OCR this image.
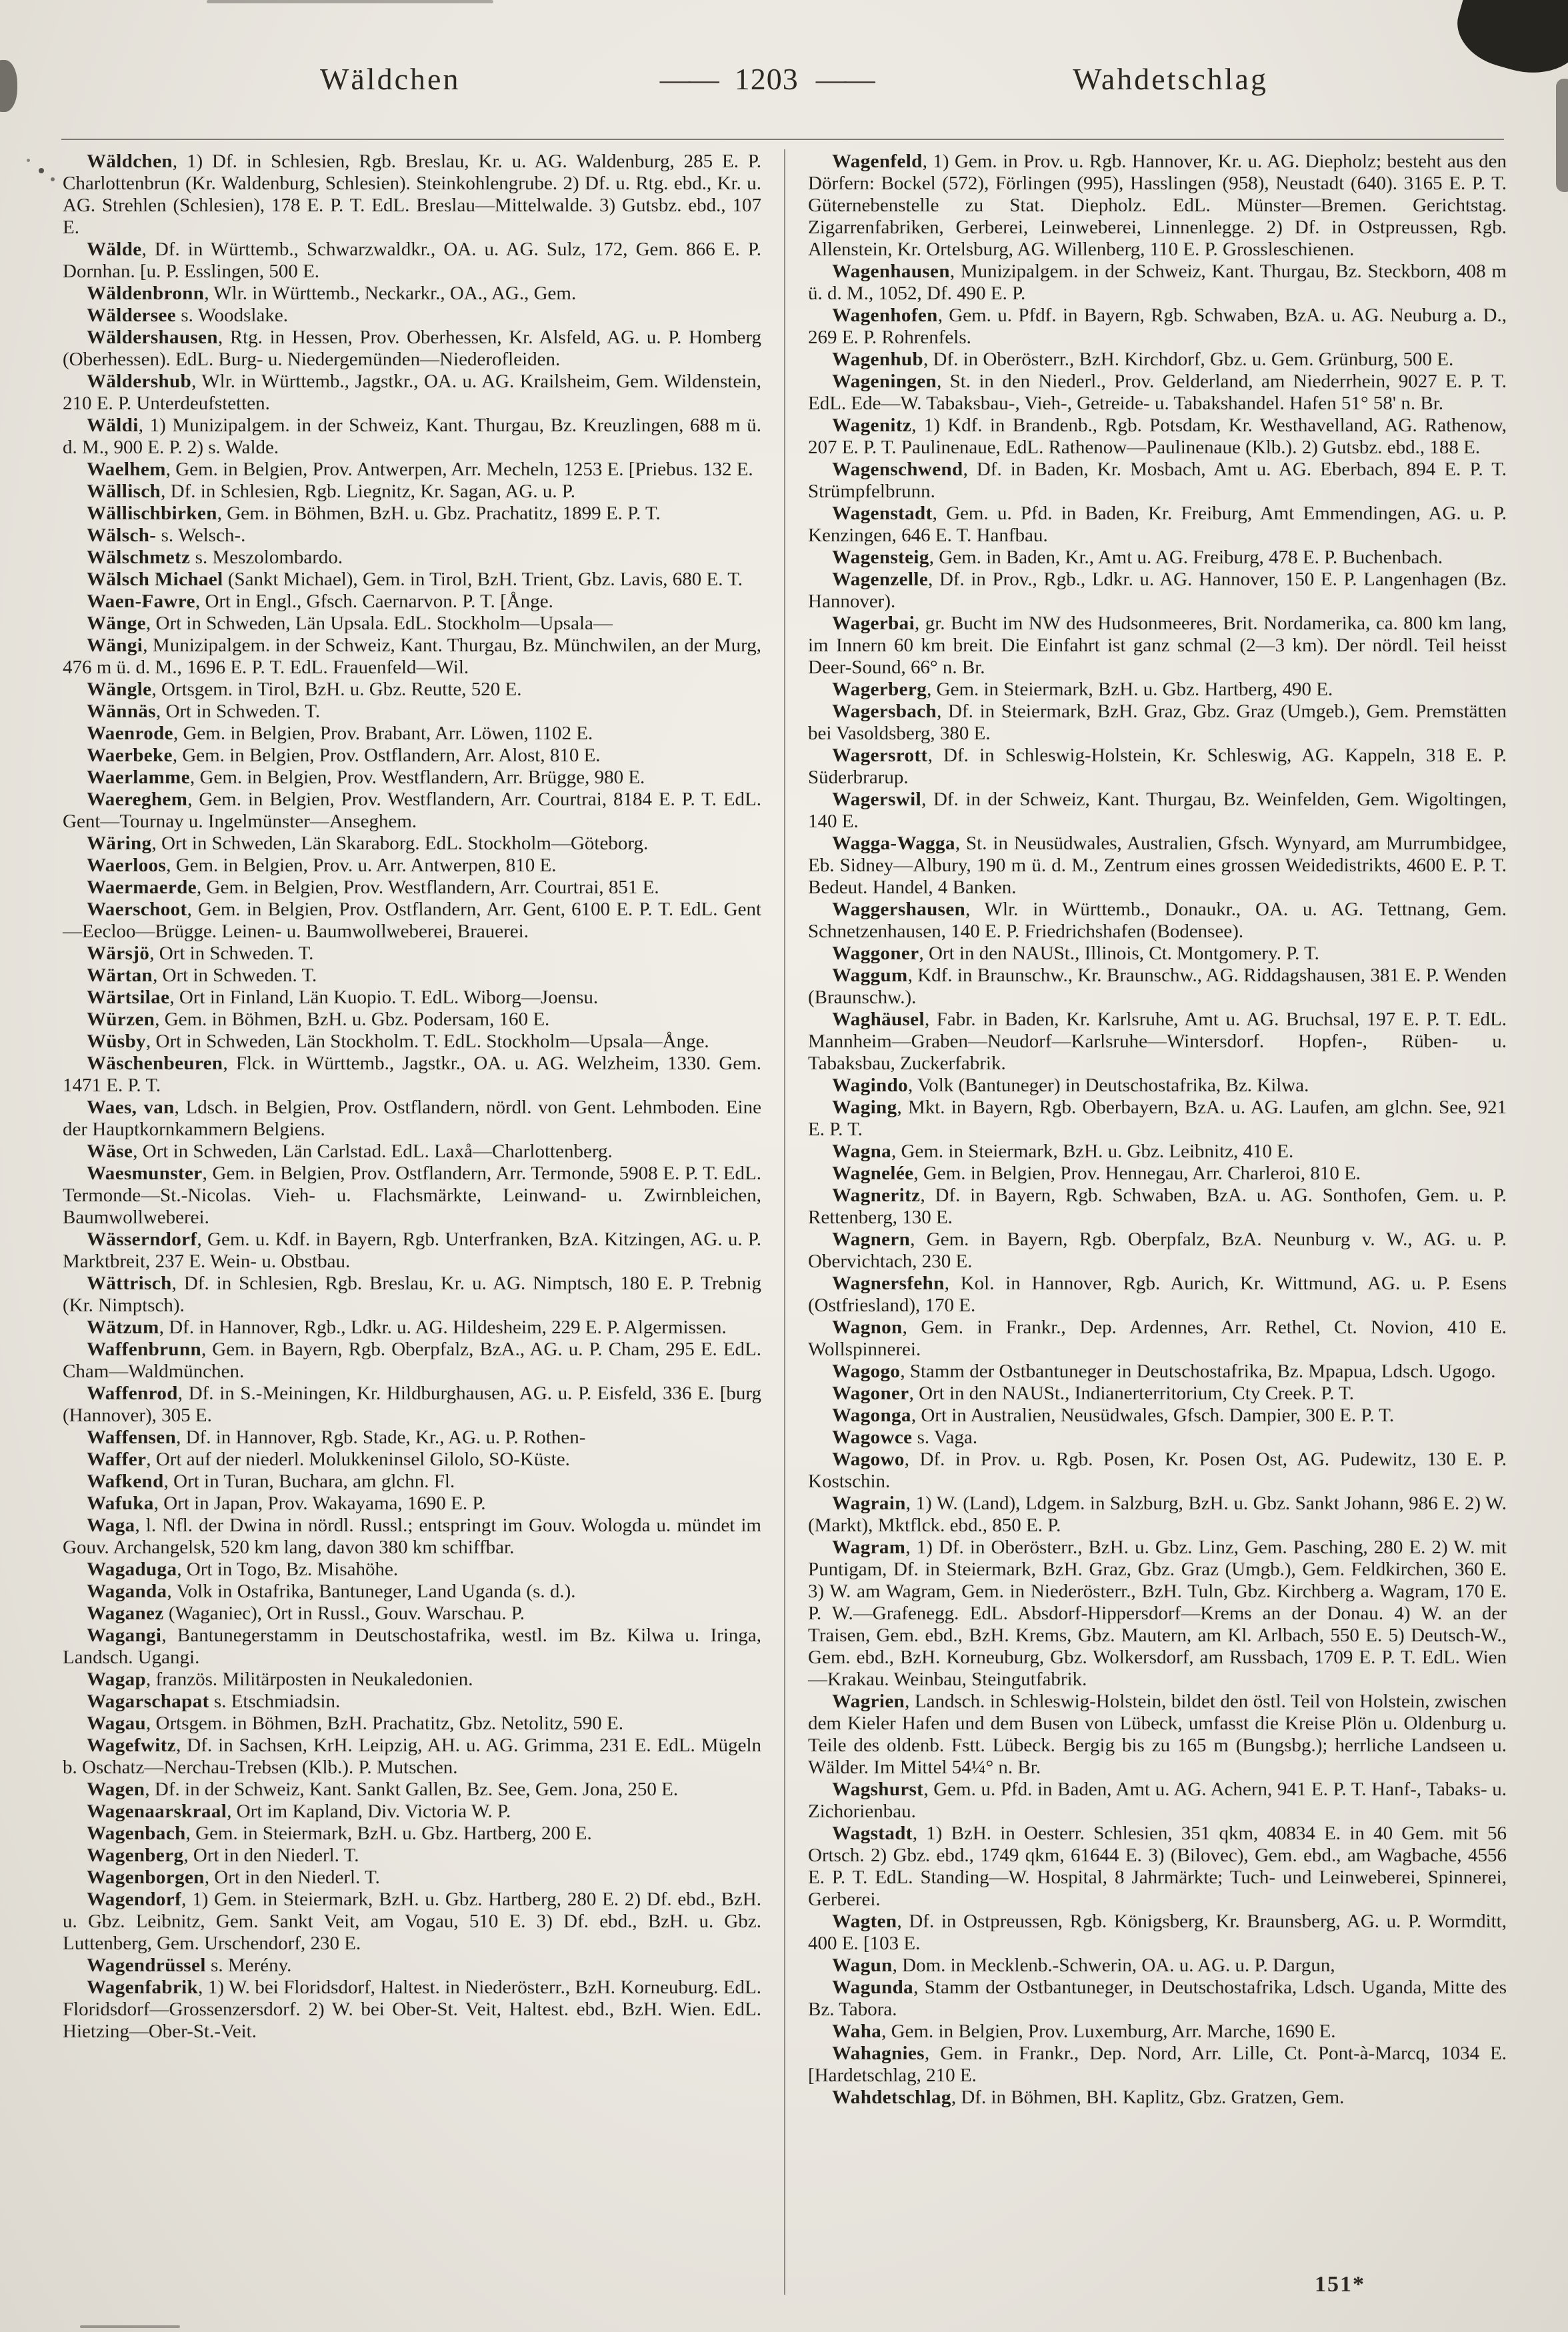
Wäldchen	—— 1203 ——	Wahdetschlag

Wäldchen, 1) Df. in Schlesien, Rgb. Breslau, Kr. u. AG. Waldenburg, 285 E. P. Charlottenbrun (Kr. Waldenburg, Schlesien). Steinkohlengrube. 2) Df. u. Rtg. ebd., Kr. u. AG. Strehlen (Schlesien), 178 E. P. T. EdL. Breslau—Mittelwalde. 3) Gutsbz. ebd., 107 E.

Wälde, Df. in Württemb., Schwarzwaldkr., OA. u. AG. Sulz, 172, Gem. 866 E. P. Dornhan. [u. P. Esslingen, 500 E.

Wäldenbronn, Wlr. in Württemb., Neckarkr., OA., AG., Gem.

Wäldersee s. Woodslake.

Wäldershausen, Rtg. in Hessen, Prov. Oberhessen, Kr. Alsfeld, AG. u. P. Homberg (Oberhessen). EdL. Burg- u. Niedergemünden—Niederofleiden.

Wäldershub, Wlr. in Württemb., Jagstkr., OA. u. AG. Krailsheim, Gem. Wildenstein, 210 E. P. Unterdeufstetten.

Wäldi, 1) Munizipalgem. in der Schweiz, Kant. Thurgau, Bz. Kreuzlingen, 688 m ü. d. M., 900 E. P. 2) s. Walde.

Waelhem, Gem. in Belgien, Prov. Antwerpen, Arr. Mecheln, 1253 E. [Priebus. 132 E.

Wällisch, Df. in Schlesien, Rgb. Liegnitz, Kr. Sagan, AG. u. P.

Wällischbirken, Gem. in Böhmen, BzH. u. Gbz. Prachatitz, 1899 E. P. T.

Wälsch- s. Welsch-.

Wälschmetz s. Meszolombardo.

Wälsch Michael (Sankt Michael), Gem. in Tirol, BzH. Trient, Gbz. Lavis, 680 E. T.

Waen-Fawre, Ort in Engl., Gfsch. Caernarvon. P. T. [Ånge.

Wänge, Ort in Schweden, Län Upsala. EdL. Stockholm—Upsala—

Wängi, Munizipalgem. in der Schweiz, Kant. Thurgau, Bz. Münchwilen, an der Murg, 476 m ü. d. M., 1696 E. P. T. EdL. Frauenfeld—Wil.

Wängle, Ortsgem. in Tirol, BzH. u. Gbz. Reutte, 520 E.

Wännäs, Ort in Schweden. T.

Waenrode, Gem. in Belgien, Prov. Brabant, Arr. Löwen, 1102 E.

Waerbeke, Gem. in Belgien, Prov. Ostflandern, Arr. Alost, 810 E.

Waerlamme, Gem. in Belgien, Prov. Westflandern, Arr. Brügge, 980 E.

Waereghem, Gem. in Belgien, Prov. Westflandern, Arr. Courtrai, 8184 E. P. T. EdL. Gent—Tournay u. Ingelmünster—Anseghem.

Wäring, Ort in Schweden, Län Skaraborg. EdL. Stockholm—Göteborg.

Waerloos, Gem. in Belgien, Prov. u. Arr. Antwerpen, 810 E.

Waermaerde, Gem. in Belgien, Prov. Westflandern, Arr. Courtrai, 851 E.

Waerschoot, Gem. in Belgien, Prov. Ostflandern, Arr. Gent, 6100 E. P. T. EdL. Gent—Eecloo—Brügge. Leinen- u. Baumwollweberei, Brauerei.

Wärsjö, Ort in Schweden. T.

Wärtan, Ort in Schweden. T.

Wärtsilae, Ort in Finland, Län Kuopio. T. EdL. Wiborg—Joensu.

Würzen, Gem. in Böhmen, BzH. u. Gbz. Podersam, 160 E.

Wüsby, Ort in Schweden, Län Stockholm. T. EdL. Stockholm—Upsala—Ånge.

Wäschenbeuren, Flck. in Württemb., Jagstkr., OA. u. AG. Welzheim, 1330. Gem. 1471 E. P. T.

Waes, van, Ldsch. in Belgien, Prov. Ostflandern, nördl. von Gent. Lehmboden. Eine der Hauptkornkammern Belgiens.

Wäse, Ort in Schweden, Län Carlstad. EdL. Laxå—Charlottenberg.

Waesmunster, Gem. in Belgien, Prov. Ostflandern, Arr. Termonde, 5908 E. P. T. EdL. Termonde—St.-Nicolas. Vieh- u. Flachsmärkte, Leinwand- u. Zwirnbleichen, Baumwollweberei.

Wässerndorf, Gem. u. Kdf. in Bayern, Rgb. Unterfranken, BzA. Kitzingen, AG. u. P. Marktbreit, 237 E. Wein- u. Obstbau.

Wättrisch, Df. in Schlesien, Rgb. Breslau, Kr. u. AG. Nimptsch, 180 E. P. Trebnig (Kr. Nimptsch).

Wätzum, Df. in Hannover, Rgb., Ldkr. u. AG. Hildesheim, 229 E. P. Algermissen.

Waffenbrunn, Gem. in Bayern, Rgb. Oberpfalz, BzA., AG. u. P. Cham, 295 E. EdL. Cham—Waldmünchen.

Waffenrod, Df. in S.-Meiningen, Kr. Hildburghausen, AG. u. P. Eisfeld, 336 E. [burg (Hannover), 305 E.

Waffensen, Df. in Hannover, Rgb. Stade, Kr., AG. u. P. Rothen-

Waffer, Ort auf der niederl. Molukkeninsel Gilolo, SO-Küste.

Wafkend, Ort in Turan, Buchara, am glchn. Fl.

Wafuka, Ort in Japan, Prov. Wakayama, 1690 E. P.

Waga, l. Nfl. der Dwina in nördl. Russl.; entspringt im Gouv. Wologda u. mündet im Gouv. Archangelsk, 520 km lang, davon 380 km schiffbar.

Wagaduga, Ort in Togo, Bz. Misahöhe.

Waganda, Volk in Ostafrika, Bantuneger, Land Uganda (s. d.).

Waganez (Waganiec), Ort in Russl., Gouv. Warschau. P.

Wagangi, Bantunegerstamm in Deutschostafrika, westl. im Bz. Kilwa u. Iringa, Landsch. Ugangi.

Wagap, französ. Militärposten in Neukaledonien.

Wagarschapat s. Etschmiadsin.

Wagau, Ortsgem. in Böhmen, BzH. Prachatitz, Gbz. Netolitz, 590 E.

Wagefwitz, Df. in Sachsen, KrH. Leipzig, AH. u. AG. Grimma, 231 E. EdL. Mügeln b. Oschatz—Nerchau-Trebsen (Klb.). P. Mutschen.

Wagen, Df. in der Schweiz, Kant. Sankt Gallen, Bz. See, Gem. Jona, 250 E.

Wagenaarskraal, Ort im Kapland, Div. Victoria W. P.

Wagenbach, Gem. in Steiermark, BzH. u. Gbz. Hartberg, 200 E.

Wagenberg, Ort in den Niederl. T.

Wagenborgen, Ort in den Niederl. T.

Wagendorf, 1) Gem. in Steiermark, BzH. u. Gbz. Hartberg, 280 E. 2) Df. ebd., BzH. u. Gbz. Leibnitz, Gem. Sankt Veit, am Vogau, 510 E. 3) Df. ebd., BzH. u. Gbz. Luttenberg, Gem. Urschendorf, 230 E.

Wagendrüssel s. Merény.

Wagenfabrik, 1) W. bei Floridsdorf, Haltest. in Niederösterr., BzH. Korneuburg. EdL. Floridsdorf—Grossenzersdorf. 2) W. bei Ober-St. Veit, Haltest. ebd., BzH. Wien. EdL. Hietzing—Ober-St.-Veit.

Wagenfeld, 1) Gem. in Prov. u. Rgb. Hannover, Kr. u. AG. Diepholz; besteht aus den Dörfern: Bockel (572), Förlingen (995), Hasslingen (958), Neustadt (640). 3165 E. P. T. Güternebenstelle zu Stat. Diepholz. EdL. Münster—Bremen. Gerichtstag. Zigarrenfabriken, Gerberei, Leinweberei, Linnenlegge. 2) Df. in Ostpreussen, Rgb. Allenstein, Kr. Ortelsburg, AG. Willenberg, 110 E. P. Grossleschienen.

Wagenhausen, Munizipalgem. in der Schweiz, Kant. Thurgau, Bz. Steckborn, 408 m ü. d. M., 1052, Df. 490 E. P.

Wagenhofen, Gem. u. Pfdf. in Bayern, Rgb. Schwaben, BzA. u. AG. Neuburg a. D., 269 E. P. Rohrenfels.

Wagenhub, Df. in Oberösterr., BzH. Kirchdorf, Gbz. u. Gem. Grünburg, 500 E.

Wageningen, St. in den Niederl., Prov. Gelderland, am Niederrhein, 9027 E. P. T. EdL. Ede—W. Tabaksbau-, Vieh-, Getreide- u. Tabakshandel. Hafen 51° 58' n. Br.

Wagenitz, 1) Kdf. in Brandenb., Rgb. Potsdam, Kr. Westhavelland, AG. Rathenow, 207 E. P. T. Paulinenaue, EdL. Rathenow—Paulinenaue (Klb.). 2) Gutsbz. ebd., 188 E.

Wagenschwend, Df. in Baden, Kr. Mosbach, Amt u. AG. Eberbach, 894 E. P. T. Strümpfelbrunn.

Wagenstadt, Gem. u. Pfd. in Baden, Kr. Freiburg, Amt Emmendingen, AG. u. P. Kenzingen, 646 E. T. Hanfbau.

Wagensteig, Gem. in Baden, Kr., Amt u. AG. Freiburg, 478 E. P. Buchenbach.

Wagenzelle, Df. in Prov., Rgb., Ldkr. u. AG. Hannover, 150 E. P. Langenhagen (Bz. Hannover).

Wagerbai, gr. Bucht im NW des Hudsonmeeres, Brit. Nordamerika, ca. 800 km lang, im Innern 60 km breit. Die Einfahrt ist ganz schmal (2—3 km). Der nördl. Teil heisst Deer-Sound, 66° n. Br.

Wagerberg, Gem. in Steiermark, BzH. u. Gbz. Hartberg, 490 E.

Wagersbach, Df. in Steiermark, BzH. Graz, Gbz. Graz (Umgeb.), Gem. Premstätten bei Vasoldsberg, 380 E.

Wagersrott, Df. in Schleswig-Holstein, Kr. Schleswig, AG. Kappeln, 318 E. P. Süderbrarup.

Wagerswil, Df. in der Schweiz, Kant. Thurgau, Bz. Weinfelden, Gem. Wigoltingen, 140 E.

Wagga-Wagga, St. in Neusüdwales, Australien, Gfsch. Wynyard, am Murrumbidgee, Eb. Sidney—Albury, 190 m ü. d. M., Zentrum eines grossen Weidedistrikts, 4600 E. P. T. Bedeut. Handel, 4 Banken.

Waggershausen, Wlr. in Württemb., Donaukr., OA. u. AG. Tettnang, Gem. Schnetzenhausen, 140 E. P. Friedrichshafen (Bodensee).

Waggoner, Ort in den NAUSt., Illinois, Ct. Montgomery. P. T.

Waggum, Kdf. in Braunschw., Kr. Braunschw., AG. Riddagshausen, 381 E. P. Wenden (Braunschw.).

Waghäusel, Fabr. in Baden, Kr. Karlsruhe, Amt u. AG. Bruchsal, 197 E. P. T. EdL. Mannheim—Graben—Neudorf—Karlsruhe—Wintersdorf. Hopfen-, Rüben- u. Tabaksbau, Zuckerfabrik.

Wagindo, Volk (Bantuneger) in Deutschostafrika, Bz. Kilwa.

Waging, Mkt. in Bayern, Rgb. Oberbayern, BzA. u. AG. Laufen, am glchn. See, 921 E. P. T.

Wagna, Gem. in Steiermark, BzH. u. Gbz. Leibnitz, 410 E.

Wagnelée, Gem. in Belgien, Prov. Hennegau, Arr. Charleroi, 810 E.

Wagneritz, Df. in Bayern, Rgb. Schwaben, BzA. u. AG. Sonthofen, Gem. u. P. Rettenberg, 130 E.

Wagnern, Gem. in Bayern, Rgb. Oberpfalz, BzA. Neunburg v. W., AG. u. P. Obervichtach, 230 E.

Wagnersfehn, Kol. in Hannover, Rgb. Aurich, Kr. Wittmund, AG. u. P. Esens (Ostfriesland), 170 E.

Wagnon, Gem. in Frankr., Dep. Ardennes, Arr. Rethel, Ct. Novion, 410 E. Wollspinnerei.

Wagogo, Stamm der Ostbantuneger in Deutschostafrika, Bz. Mpapua, Ldsch. Ugogo.

Wagoner, Ort in den NAUSt., Indianerterritorium, Cty Creek. P. T.

Wagonga, Ort in Australien, Neusüdwales, Gfsch. Dampier, 300 E. P. T.

Wagowce s. Vaga.

Wagowo, Df. in Prov. u. Rgb. Posen, Kr. Posen Ost, AG. Pudewitz, 130 E. P. Kostschin.

Wagrain, 1) W. (Land), Ldgem. in Salzburg, BzH. u. Gbz. Sankt Johann, 986 E. 2) W. (Markt), Mktflck. ebd., 850 E. P.

Wagram, 1) Df. in Oberösterr., BzH. u. Gbz. Linz, Gem. Pasching, 280 E. 2) W. mit Puntigam, Df. in Steiermark, BzH. Graz, Gbz. Graz (Umgb.), Gem. Feldkirchen, 360 E. 3) W. am Wagram, Gem. in Niederösterr., BzH. Tuln, Gbz. Kirchberg a. Wagram, 170 E. P. W.—Grafenegg. EdL. Absdorf-Hippersdorf—Krems an der Donau. 4) W. an der Traisen, Gem. ebd., BzH. Krems, Gbz. Mautern, am Kl. Arlbach, 550 E. 5) Deutsch-W., Gem. ebd., BzH. Korneuburg, Gbz. Wolkersdorf, am Russbach, 1709 E. P. T. EdL. Wien—Krakau. Weinbau, Steingutfabrik.

Wagrien, Landsch. in Schleswig-Holstein, bildet den östl. Teil von Holstein, zwischen dem Kieler Hafen und dem Busen von Lübeck, umfasst die Kreise Plön u. Oldenburg u. Teile des oldenb. Fstt. Lübeck. Bergig bis zu 165 m (Bungsbg.); herrliche Landseen u. Wälder. Im Mittel 54¼° n. Br.

Wagshurst, Gem. u. Pfd. in Baden, Amt u. AG. Achern, 941 E. P. T. Hanf-, Tabaks- u. Zichorienbau.

Wagstadt, 1) BzH. in Oesterr. Schlesien, 351 qkm, 40834 E. in 40 Gem. mit 56 Ortsch. 2) Gbz. ebd., 1749 qkm, 61644 E. 3) (Bilovec), Gem. ebd., am Wagbache, 4556 E. P. T. EdL. Standing—W. Hospital, 8 Jahrmärkte; Tuch- und Leinweberei, Spinnerei, Gerberei.

Wagten, Df. in Ostpreussen, Rgb. Königsberg, Kr. Braunsberg, AG. u. P. Wormditt, 400 E. [103 E.

Wagun, Dom. in Mecklenb.-Schwerin, OA. u. AG. u. P. Dargun,

Wagunda, Stamm der Ostbantuneger, in Deutschostafrika, Ldsch. Uganda, Mitte des Bz. Tabora.

Waha, Gem. in Belgien, Prov. Luxemburg, Arr. Marche, 1690 E.

Wahagnies, Gem. in Frankr., Dep. Nord, Arr. Lille, Ct. Pont-à-Marcq, 1034 E. [Hardetschlag, 210 E.

Wahdetschlag, Df. in Böhmen, BH. Kaplitz, Gbz. Gratzen, Gem.

151*
